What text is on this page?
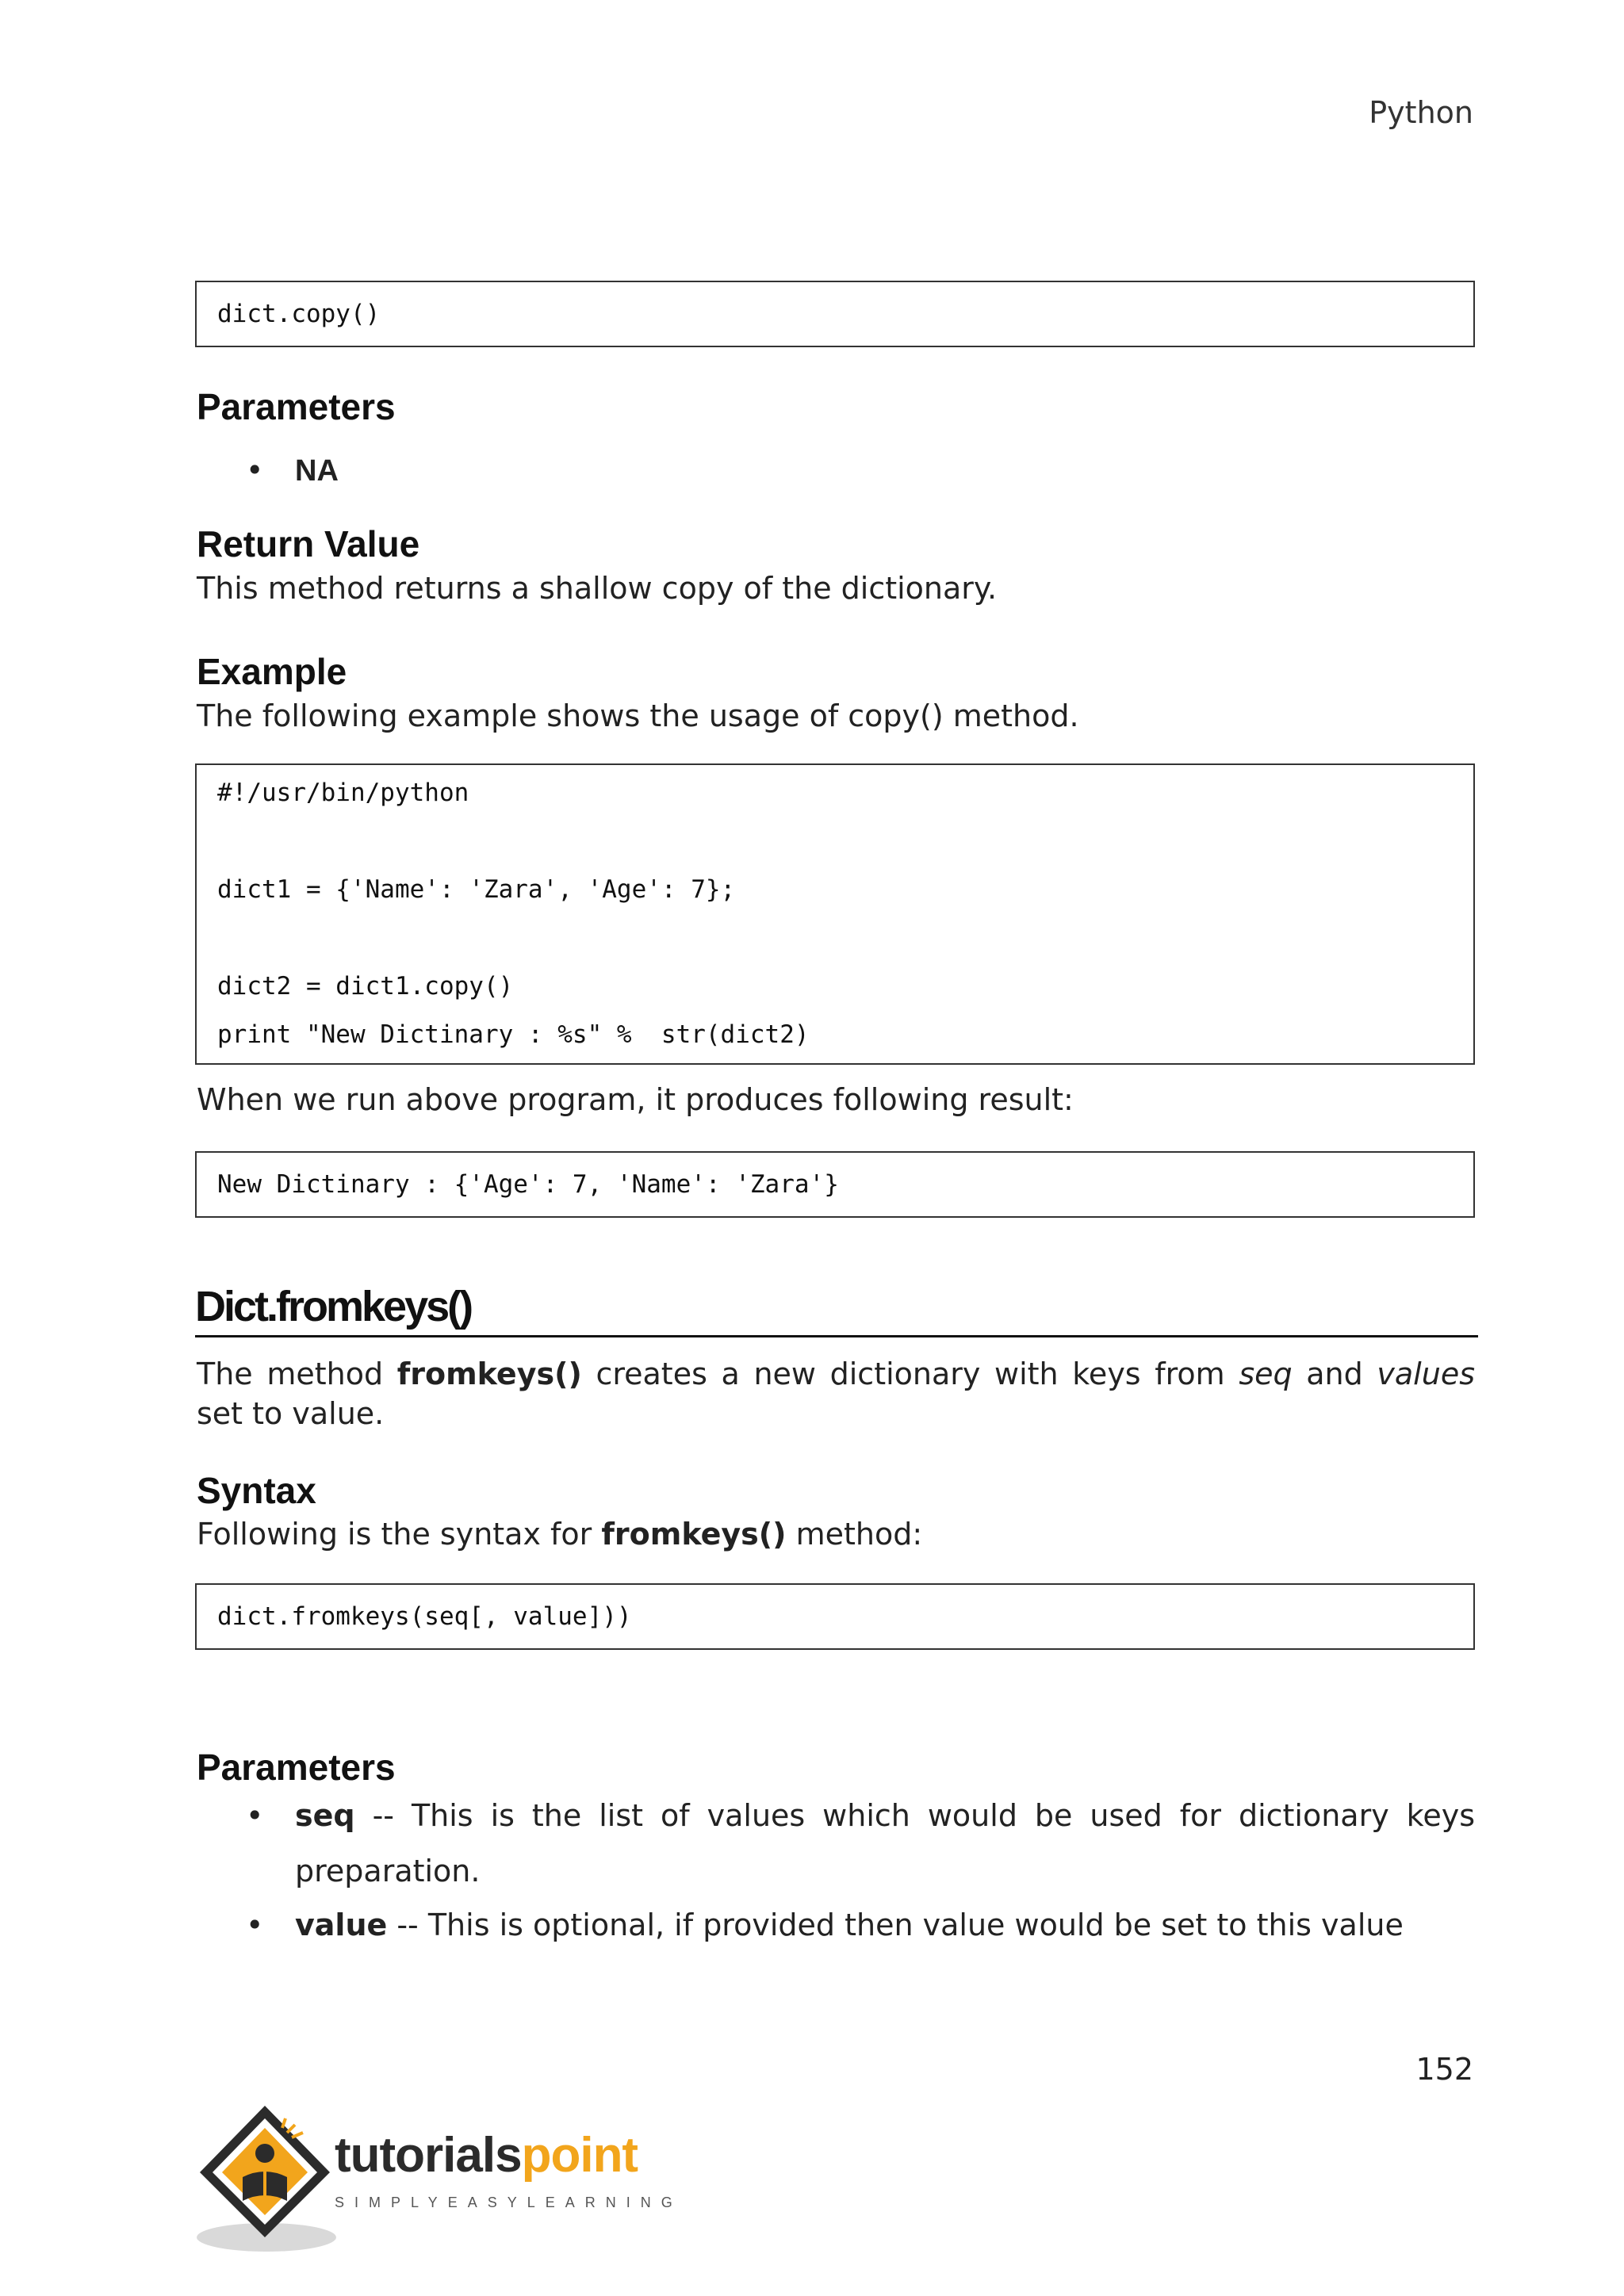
Python
dict.copy()
Parameters
• NA
Return Value
This method returns a shallow copy of the dictionary.
Example
The following example shows the usage of copy() method.
#!/usr/bin/python
dict1 = {'Name': 'Zara', 'Age': 7};
dict2 = dict1.copy()
print "New Dictinary : %s" %  str(dict2)
When we run above program, it produces following result:
New Dictinary : {'Age': 7, 'Name': 'Zara'}
Dict.fromkeys()
The method fromkeys() creates a new dictionary with keys from seq and values set to value.
Syntax
Following is the syntax for fromkeys() method:
dict.fromkeys(seq[, value]))
Parameters
• seq -- This is the list of values which would be used for dictionary keys preparation.
• value -- This is optional, if provided then value would be set to this value
152
tutorialspoint
SIMPLYEASYLEARNING
